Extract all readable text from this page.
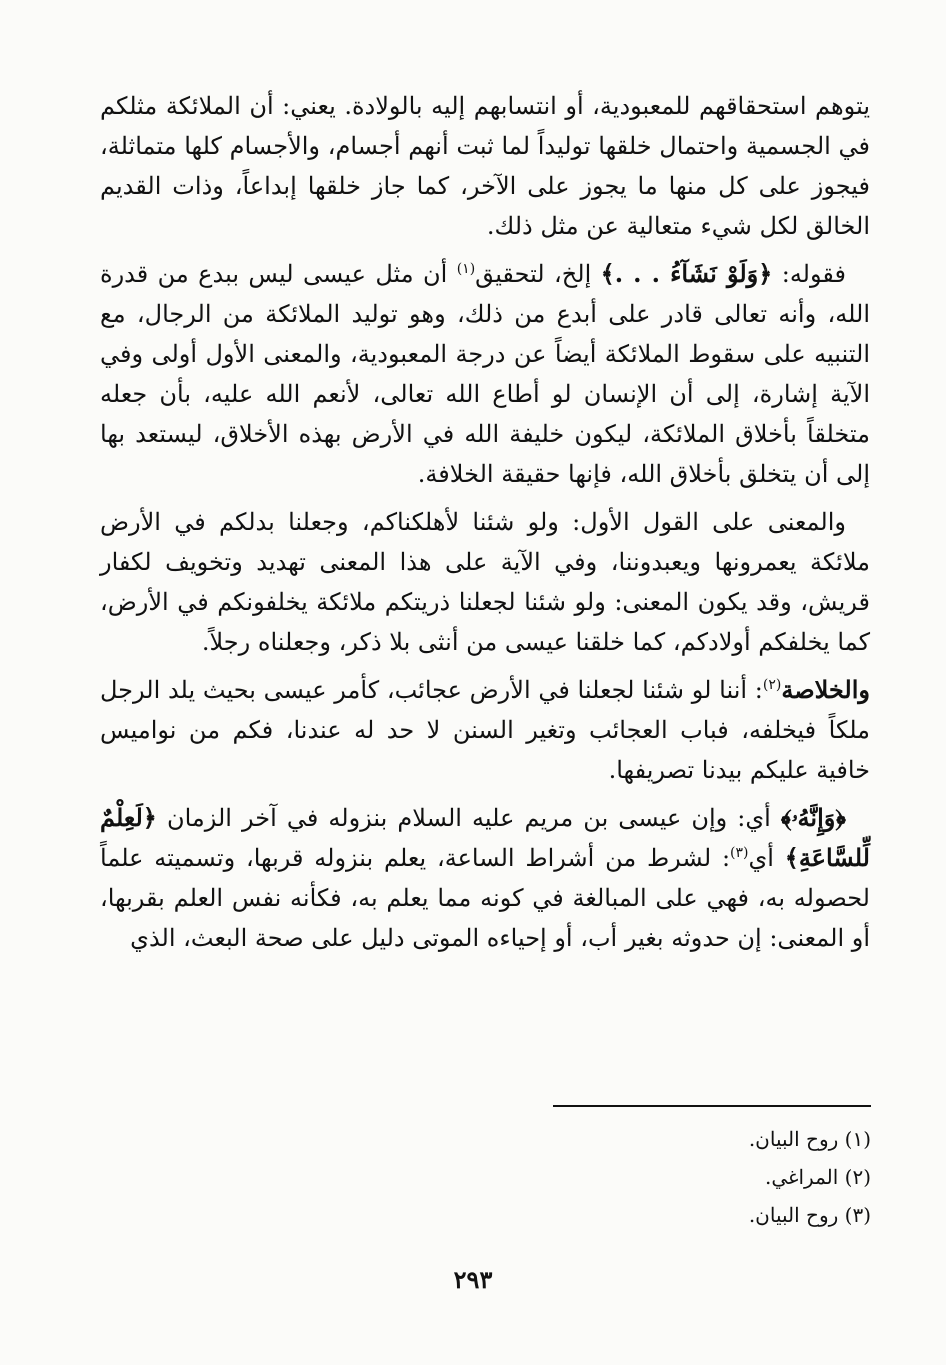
يتوهم استحقاقهم للمعبودية، أو انتسابهم إليه بالولادة. يعني: أن الملائكة مثلكم في الجسمية واحتمال خلقها توليداً لما ثبت أنهم أجسام، والأجسام كلها متماثلة، فيجوز على كل منها ما يجوز على الآخر، كما جاز خلقها إبداعاً، وذات القديم الخالق لكل شيء متعالية عن مثل ذلك.

فقوله: ﴿وَلَوْ نَشَآءُ . . .﴾ إلخ، لتحقيق$^{(١)}$ أن مثل عيسى ليس ببدع من قدرة الله، وأنه تعالى قادر على أبدع من ذلك، وهو توليد الملائكة من الرجال، مع التنبيه على سقوط الملائكة أيضاً عن درجة المعبودية، والمعنى الأول أولى وفي الآية إشارة، إلى أن الإنسان لو أطاع الله تعالى، لأنعم الله عليه، بأن جعله متخلقاً بأخلاق الملائكة، ليكون خليفة الله في الأرض بهذه الأخلاق، ليستعد بها إلى أن يتخلق بأخلاق الله، فإنها حقيقة الخلافة.

والمعنى على القول الأول: ولو شئنا لأهلكناكم، وجعلنا بدلكم في الأرض ملائكة يعمرونها ويعبدوننا، وفي الآية على هذا المعنى تهديد وتخويف لكفار قريش، وقد يكون المعنى: ولو شئنا لجعلنا ذريتكم ملائكة يخلفونكم في الأرض، كما يخلفكم أولادكم، كما خلقنا عيسى من أنثى بلا ذكر، وجعلناه رجلاً.

والخلاصة$^{(٢)}$: أننا لو شئنا لجعلنا في الأرض عجائب، كأمر عيسى بحيث يلد الرجل ملكاً فيخلفه، فباب العجائب وتغير السنن لا حد له عندنا، فكم من نواميس خافية عليكم بيدنا تصريفها.

﴿وَإِنَّهُۥ﴾ أي: وإن عيسى بن مريم عليه السلام بنزوله في آخر الزمان ﴿لَعِلْمٌ لِّلسَّاعَةِ﴾ أي$^{(٣)}$: لشرط من أشراط الساعة، يعلم بنزوله قربها، وتسميته علماً لحصوله به، فهي على المبالغة في كونه مما يعلم به، فكأنه نفس العلم بقربها، أو المعنى: إن حدوثه بغير أب، أو إحياءه الموتى دليل على صحة البعث، الذي

(١) روح البيان.

(٢) المراغي.

(٣) روح البيان.

٢٩٣
